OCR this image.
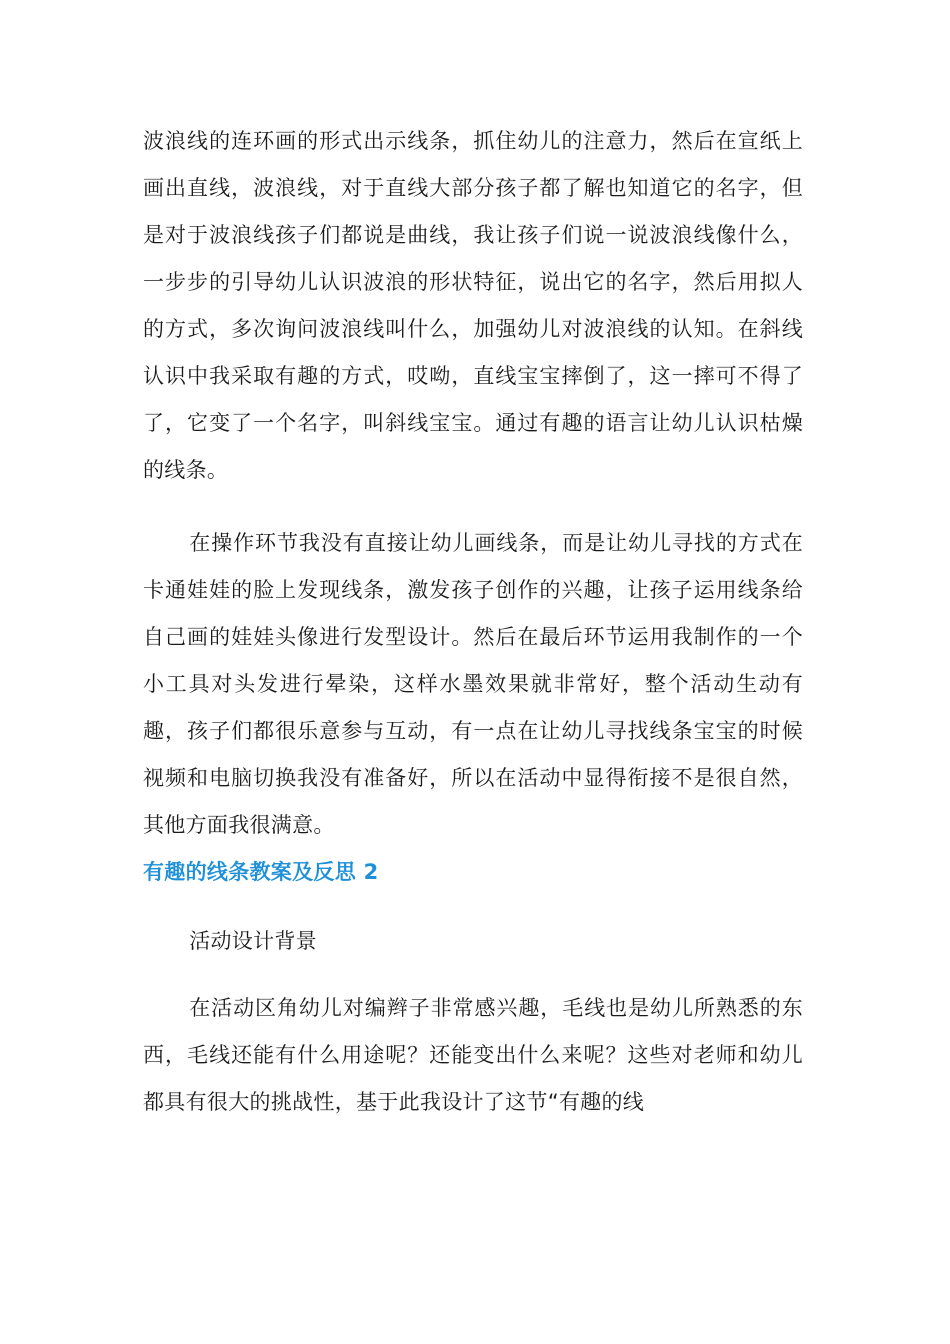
波浪线的连环画的形式出示线条，抓住幼儿的注意力，然后在宣纸上画出直线，波浪线，对于直线大部分孩子都了解也知道它的名字，但是对于波浪线孩子们都说是曲线，我让孩子们说一说波浪线像什么，一步步的引导幼儿认识波浪的形状特征，说出它的名字，然后用拟人的方式，多次询问波浪线叫什么，加强幼儿对波浪线的认知。在斜线认识中我采取有趣的方式，哎呦，直线宝宝摔倒了，这一摔可不得了了，它变了一个名字，叫斜线宝宝。通过有趣的语言让幼儿认识枯燥的线条。

在操作环节我没有直接让幼儿画线条，而是让幼儿寻找的方式在卡通娃娃的脸上发现线条，激发孩子创作的兴趣，让孩子运用线条给自己画的娃娃头像进行发型设计。然后在最后环节运用我制作的一个小工具对头发进行晕染，这样水墨效果就非常好，整个活动生动有趣，孩子们都很乐意参与互动，有一点在让幼儿寻找线条宝宝的时候视频和电脑切换我没有准备好，所以在活动中显得衔接不是很自然，其他方面我很满意。

有趣的线条教案及反思 2

活动设计背景

在活动区角幼儿对编辫子非常感兴趣，毛线也是幼儿所熟悉的东西，毛线还能有什么用途呢？还能变出什么来呢？这些对老师和幼儿都具有很大的挑战性，基于此我设计了这节“有趣的线
